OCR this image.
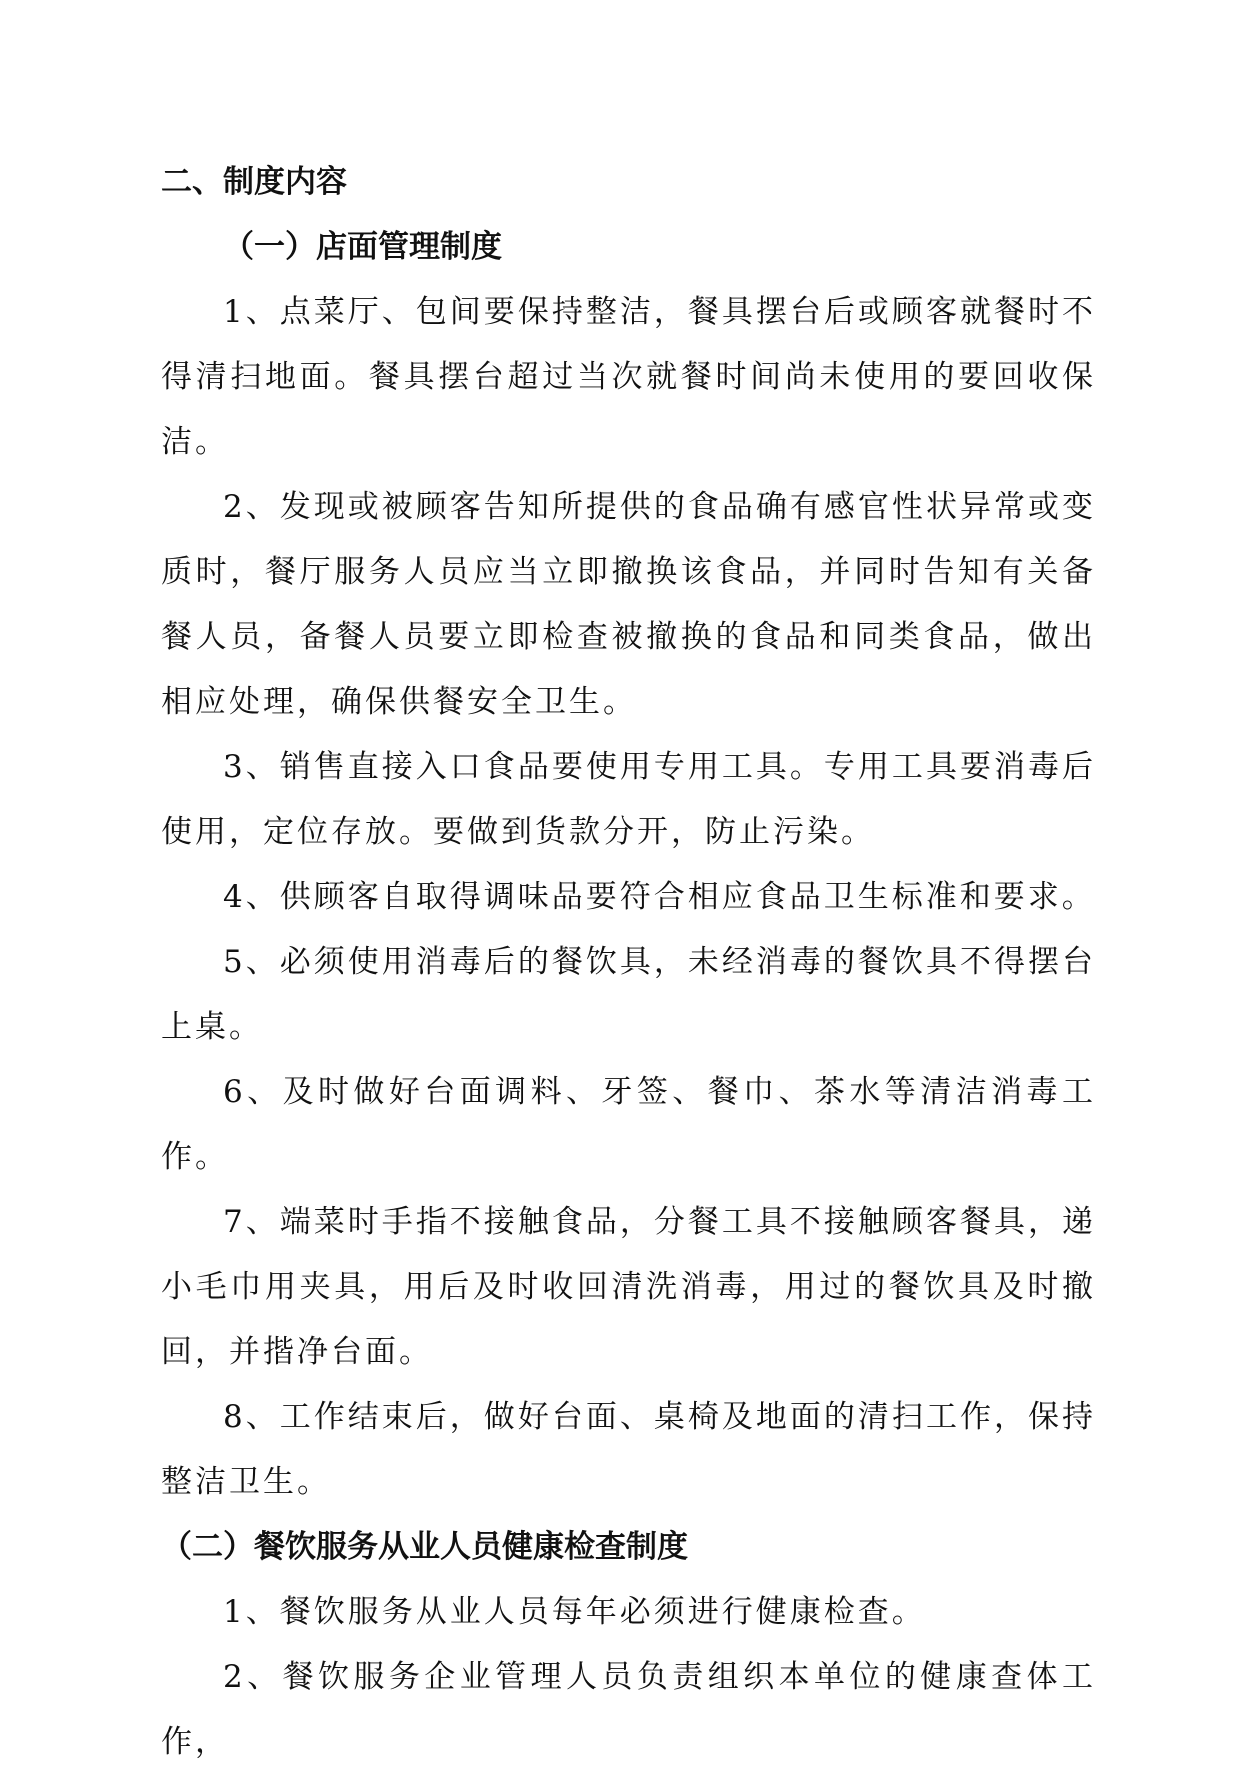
二、制度内容
（一）店面管理制度

1、点菜厅、包间要保持整洁，餐具摆台后或顾客就餐时不得清扫地面。餐具摆台超过当次就餐时间尚未使用的要回收保洁。

2、发现或被顾客告知所提供的食品确有感官性状异常或变质时，餐厅服务人员应当立即撤换该食品，并同时告知有关备餐人员，备餐人员要立即检查被撤换的食品和同类食品，做出相应处理，确保供餐安全卫生。

3、销售直接入口食品要使用专用工具。专用工具要消毒后使用，定位存放。要做到货款分开，防止污染。

4、供顾客自取得调味品要符合相应食品卫生标准和要求。

5、必须使用消毒后的餐饮具，未经消毒的餐饮具不得摆台上桌。

6、及时做好台面调料、牙签、餐巾、茶水等清洁消毒工作。

7、端菜时手指不接触食品，分餐工具不接触顾客餐具，递小毛巾用夹具，用后及时收回清洗消毒，用过的餐饮具及时撤回，并揩净台面。

8、工作结束后，做好台面、桌椅及地面的清扫工作，保持整洁卫生。

（二）餐饮服务从业人员健康检查制度

1、餐饮服务从业人员每年必须进行健康检查。

2、餐饮服务企业管理人员负责组织本单位的健康查体工作，
